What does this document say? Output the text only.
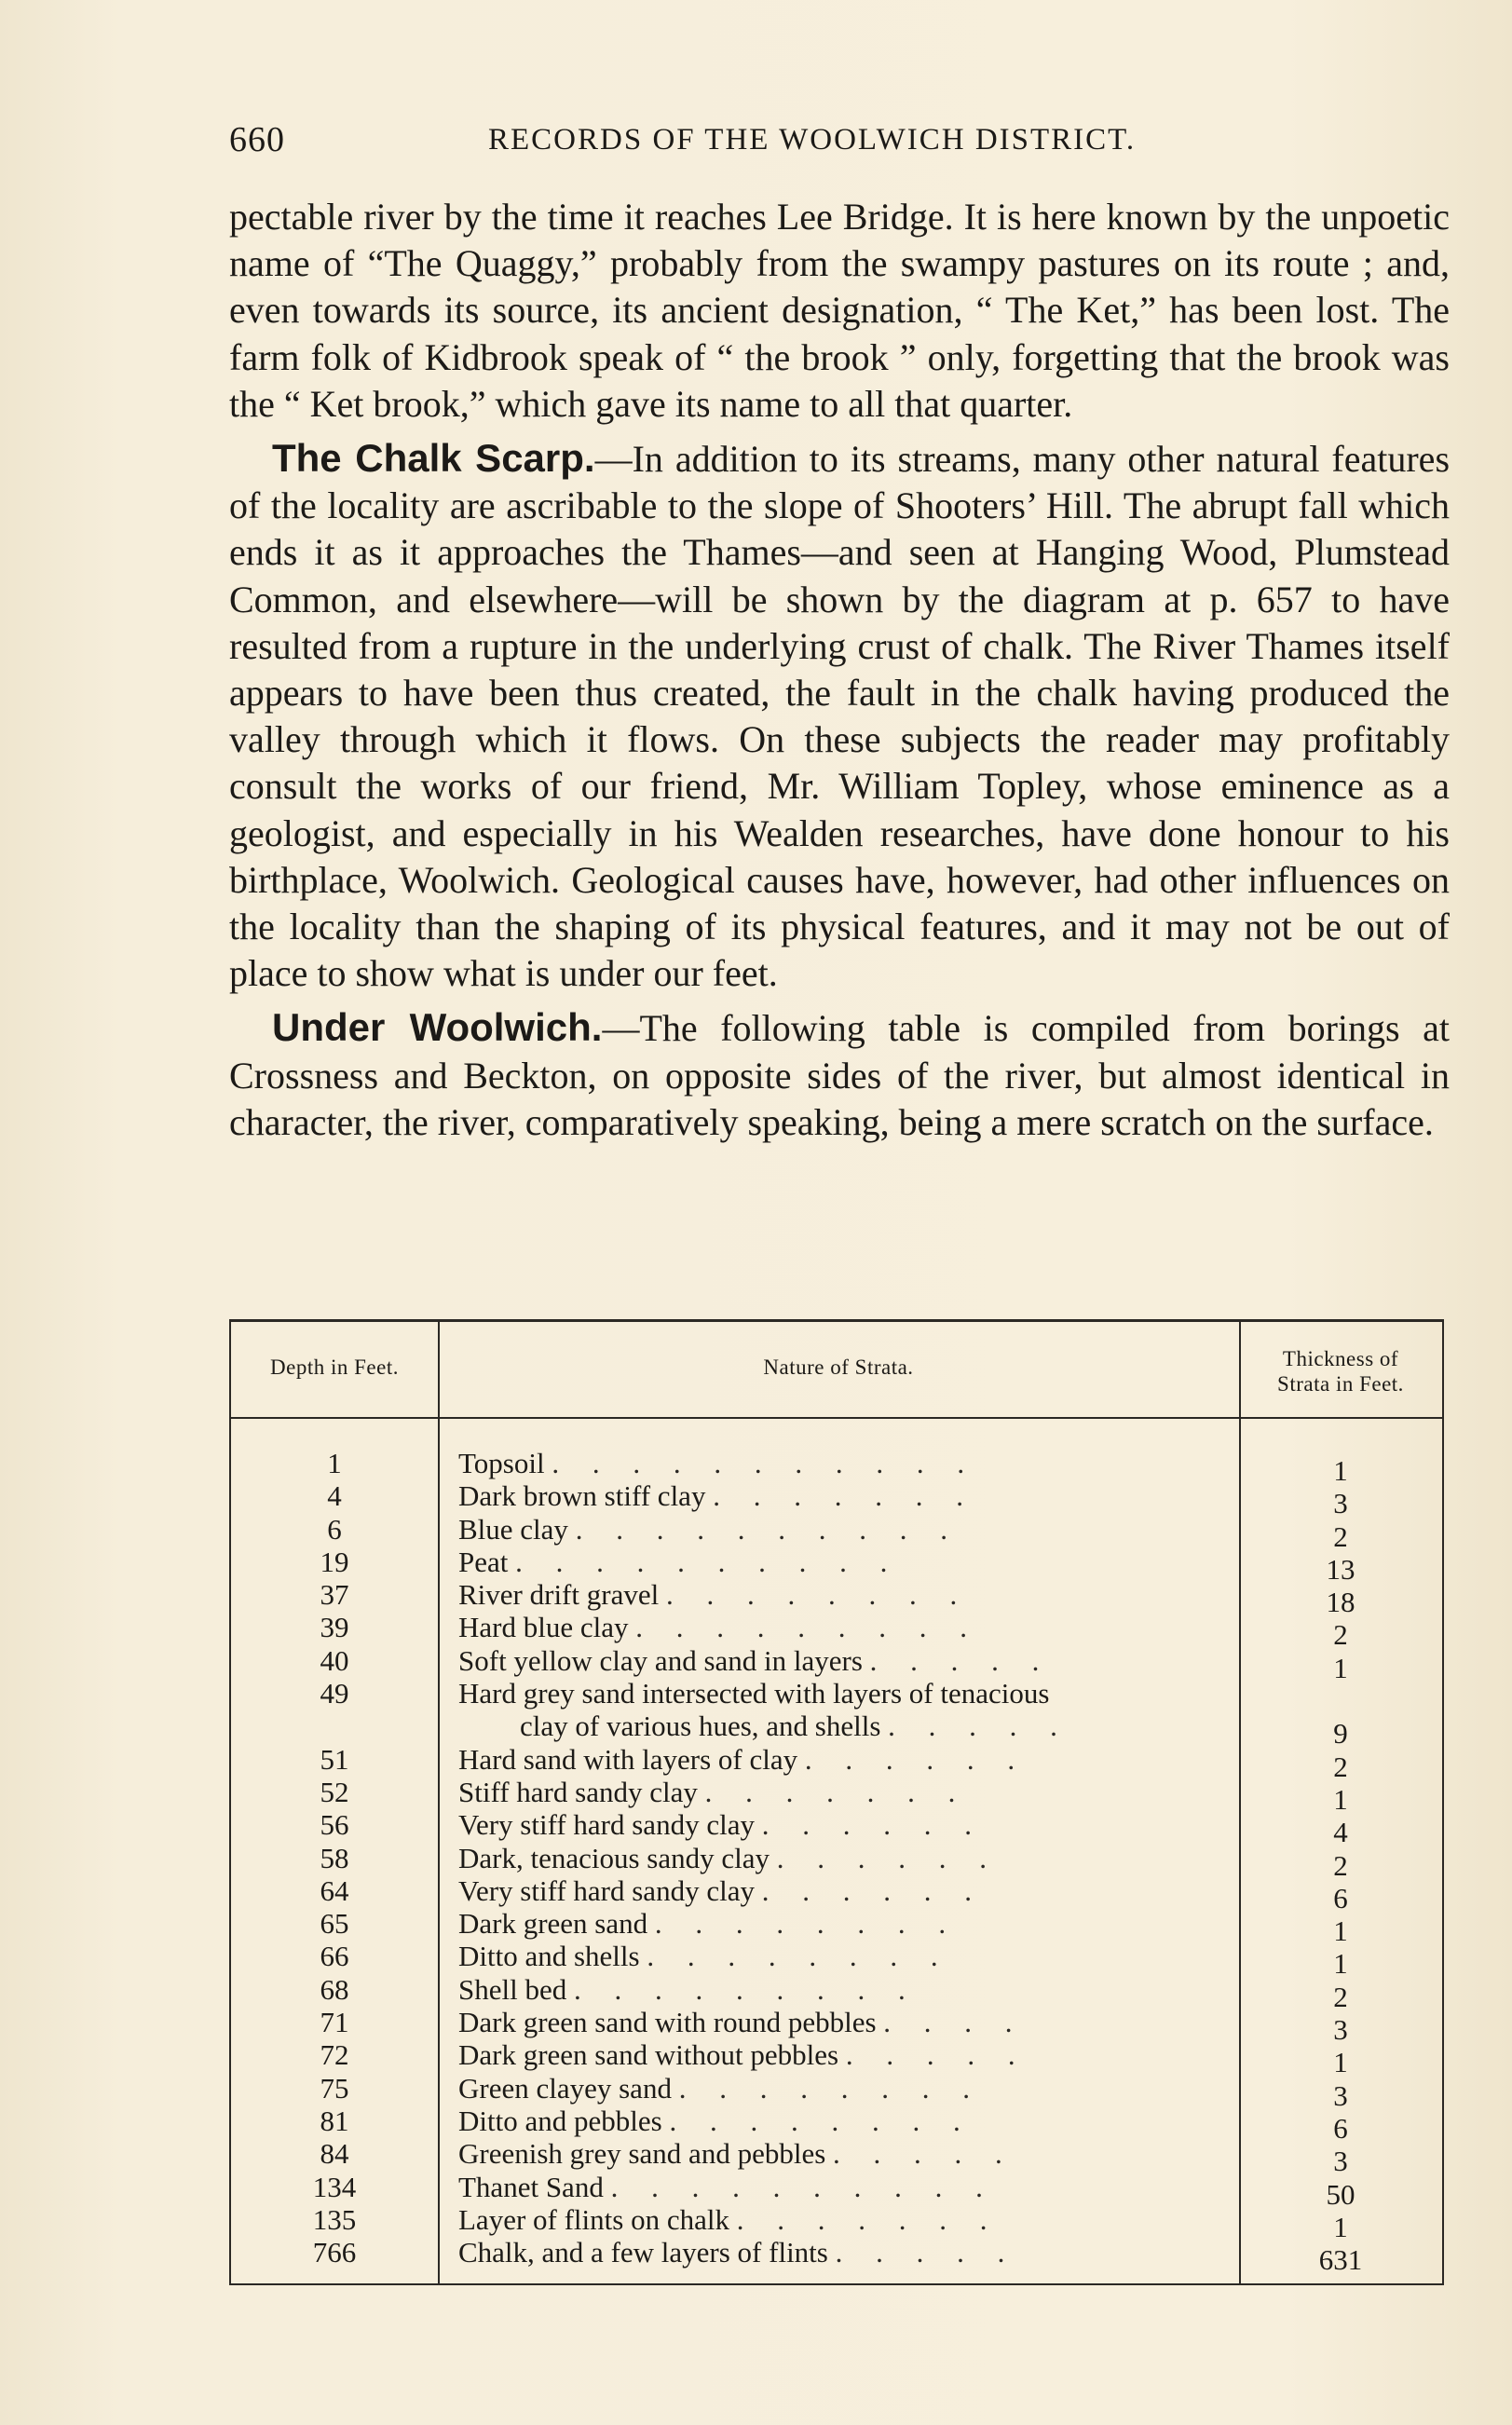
660	RECORDS OF THE WOOLWICH DISTRICT.

pectable river by the time it reaches Lee Bridge. It is here known by the unpoetic name of “The Quaggy,” probably from the swampy pastures on its route ; and, even towards its source, its ancient designation, “ The Ket,” has been lost. The farm folk of Kidbrook speak of “ the brook ” only, forgetting that the brook was the “ Ket brook,” which gave its name to all that quarter.

The Chalk Scarp.—In addition to its streams, many other natural features of the locality are ascribable to the slope of Shooters’ Hill. The abrupt fall which ends it as it approaches the Thames—and seen at Hanging Wood, Plumstead Common, and elsewhere—will be shown by the diagram at p. 657 to have resulted from a rupture in the underlying crust of chalk. The River Thames itself appears to have been thus created, the fault in the chalk having produced the valley through which it flows. On these subjects the reader may profitably consult the works of our friend, Mr. William Topley, whose eminence as a geologist, and especially in his Wealden researches, have done honour to his birthplace, Woolwich. Geological causes have, however, had other influences on the locality than the shaping of its physical features, and it may not be out of place to show what is under our feet.

Under Woolwich.—The following table is compiled from borings at Crossness and Beckton, on opposite sides of the river, but almost identical in character, the river, comparatively speaking, being a mere scratch on the surface.

Depth in Feet.	Nature of Strata.	Thickness of
Strata in Feet.
1	Topsoil . . . . . . . . . . .	1
4	Dark brown stiff clay . . . . . . .	3
6	Blue clay . . . . . . . . . .	2
19	Peat . . . . . . . . . .	13
37	River drift gravel . . . . . . . .	18
39	Hard blue clay . . . . . . . . .	2
40	Soft yellow clay and sand in layers . . . . .	1
49	Hard grey sand intersected with layers of tenacious
clay of various hues, and shells . . . . .	9
51	Hard sand with layers of clay . . . . . .	2
52	Stiff hard sandy clay . . . . . . .	1
56	Very stiff hard sandy clay . . . . . .	4
58	Dark, tenacious sandy clay . . . . . .	2
64	Very stiff hard sandy clay . . . . . .	6
65	Dark green sand . . . . . . . .	1
66	Ditto and shells . . . . . . . .	1
68	Shell bed . . . . . . . . .	2
71	Dark green sand with round pebbles . . . .	3
72	Dark green sand without pebbles . . . . .	1
75	Green clayey sand . . . . . . . .	3
81	Ditto and pebbles . . . . . . . .	6
84	Greenish grey sand and pebbles . . . . .	3
134	Thanet Sand . . . . . . . . . .	50
135	Layer of flints on chalk . . . . . . .	1
766	Chalk, and a few layers of flints . . . . .	631
